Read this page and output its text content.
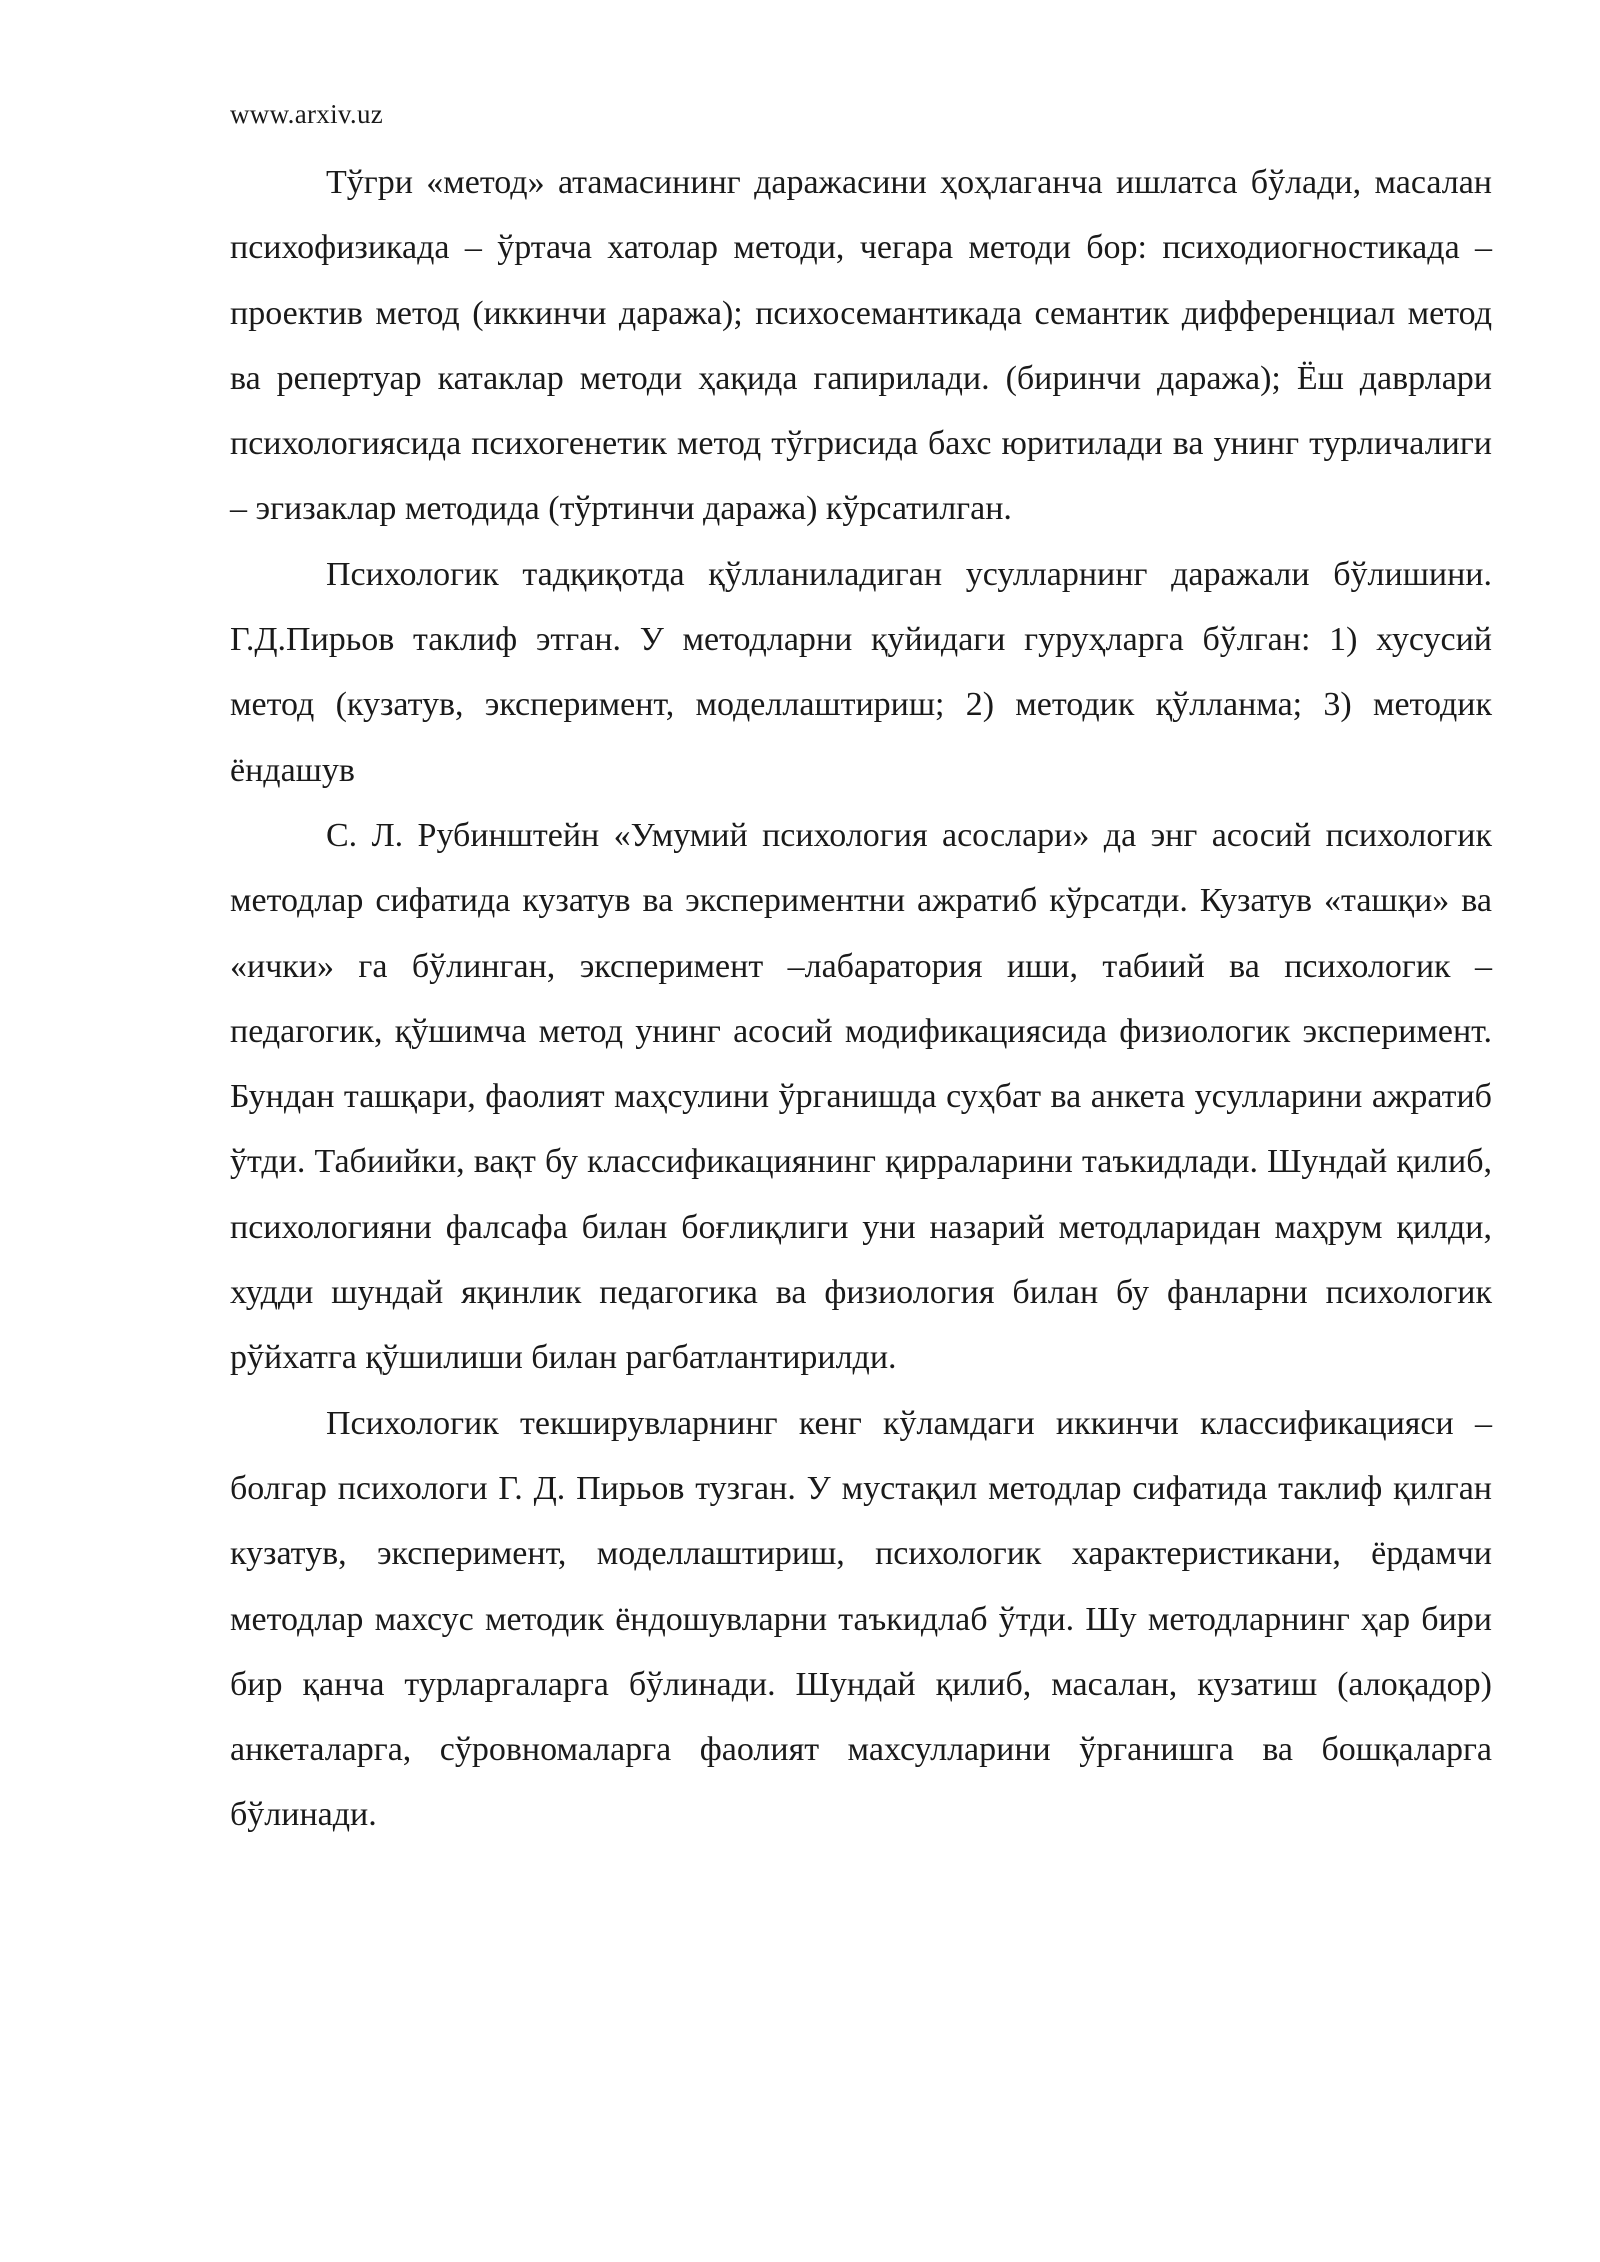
www.arxiv.uz

Тўгри «метод» атамасининг даражасини ҳоҳлаганча ишлатса бўлади, масалан психофизикада – ўртача хатолар методи, чегара методи бор: психодиогностикада – проектив метод (иккинчи даража); психосемантикада семантик дифференциал метод ва репертуар катаклар методи ҳақида гапирилади. (биринчи даража); Ёш даврлари психологиясида психогенетик метод тўгрисида бахс юритилади ва унинг турличалиги – эгизаклар методида (тўртинчи даража) кўрсатилган.

Психологик тадқиқотда қўлланиладиган усулларнинг даражали бўлишини. Г.Д.Пирьов таклиф этган. У методларни қуйидаги гуруҳларга бўлган: 1) хусусий метод (кузатув, эксперимент, моделлаштириш; 2) методик қўлланма; 3) методик ёндашув

С. Л. Рубинштейн «Умумий психология асослари» да энг асосий психологик методлар сифатида кузатув ва экспериментни ажратиб кўрсатди. Кузатув «ташқи» ва «ички» га бўлинган, эксперимент –лабаратория иши, табиий ва психологик – педагогик, қўшимча метод унинг асосий модификациясида физиологик эксперимент. Бундан ташқари, фаолият маҳсулини ўрганишда суҳбат ва анкета усулларини ажратиб ўтди. Табиийки, вақт бу классификациянинг қирраларини таъкидлади. Шундай қилиб, психологияни фалсафа билан боғлиқлиги уни назарий методларидан маҳрум қилди, худди шундай яқинлик педагогика ва физиология билан бу фанларни психологик рўйхатга қўшилиши билан рагбатлантирилди.

Психологик текширувларнинг кенг кўламдаги иккинчи классификацияси – болгар психологи Г. Д. Пирьов тузган. У мустақил методлар сифатида таклиф қилган кузатув, эксперимент, моделлаштириш, психологик характеристикани, ёрдамчи методлар махсус методик ёндошувларни таъкидлаб ўтди. Шу методларнинг ҳар бири бир қанча турларгаларга бўлинади. Шундай қилиб, масалан, кузатиш (алоқадор) анкеталарга, сўровномаларга фаолият махсулларини ўрганишга ва бошқаларга бўлинади.
